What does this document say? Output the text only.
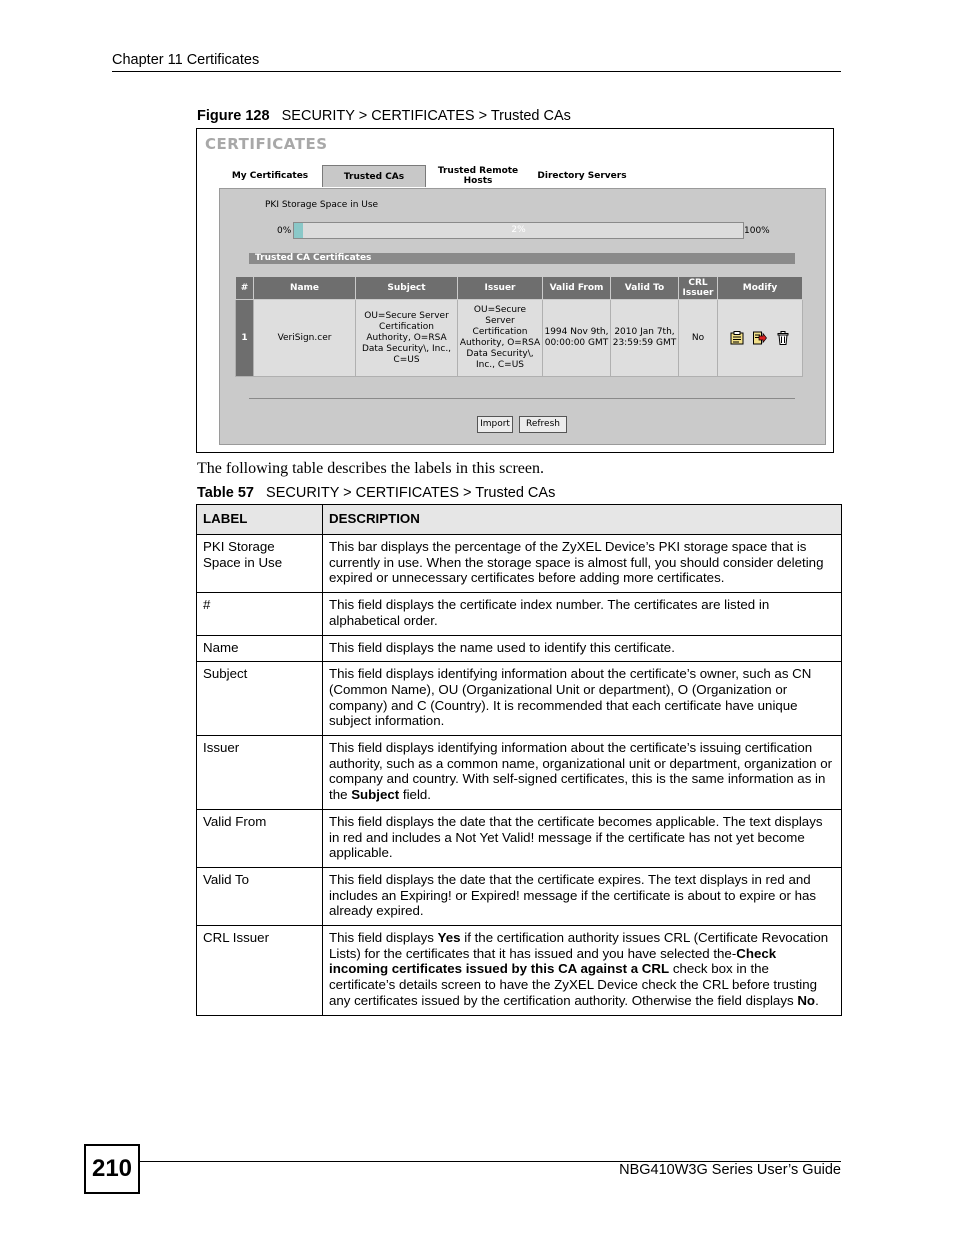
Chapter 11 Certificates
Figure 128 SECURITY > CERTIFICATES > Trusted CAs
CERTIFICATES
My Certificates	Trusted CAs
Trusted Remote Hosts	Directory Servers
PKI Storage Space in Use
0%	2%	100%
Trusted CA Certificates
#	Name	Subject	Issuer	Valid From	Valid To	CRL Issuer	Modify
1	VeriSign.cer	OU=Secure Server Certification Authority, O=RSA Data Security\, Inc., C=US	OU=Secure Server Certification Authority, O=RSA Data Security\, Inc., C=US	1994 Nov 9th, 00:00:00 GMT	2010 Jan 7th, 23:59:59 GMT	No	
Import	Refresh
The following table describes the labels in this screen.
Table 57 SECURITY > CERTIFICATES > Trusted CAs
LABEL	DESCRIPTION
PKI Storage Space in Use	This bar displays the percentage of the ZyXEL Device’s PKI storage space that is currently in use. When the storage space is almost full, you should consider deleting expired or unnecessary certificates before adding more certificates.
#	This field displays the certificate index number. The certificates are listed in alphabetical order.
Name	This field displays the name used to identify this certificate.
Subject	This field displays identifying information about the certificate’s owner, such as CN (Common Name), OU (Organizational Unit or department), O (Organization or company) and C (Country). It is recommended that each certificate have unique subject information.
Issuer	This field displays identifying information about the certificate’s issuing certification authority, such as a common name, organizational unit or department, organization or company and country. With self-signed certificates, this is the same information as in the Subject field.
Valid From	This field displays the date that the certificate becomes applicable. The text displays in red and includes a Not Yet Valid! message if the certificate has not yet become applicable.
Valid To	This field displays the date that the certificate expires. The text displays in red and includes an Expiring! or Expired! message if the certificate is about to expire or has already expired.
CRL Issuer	This field displays Yes if the certification authority issues CRL (Certificate Revocation Lists) for the certificates that it has issued and you have selected the-Check incoming certificates issued by this CA against a CRL check box in the certificate’s details screen to have the ZyXEL Device check the CRL before trusting any certificates issued by the certification authority. Otherwise the field displays No.
210	NBG410W3G Series User’s Guide
